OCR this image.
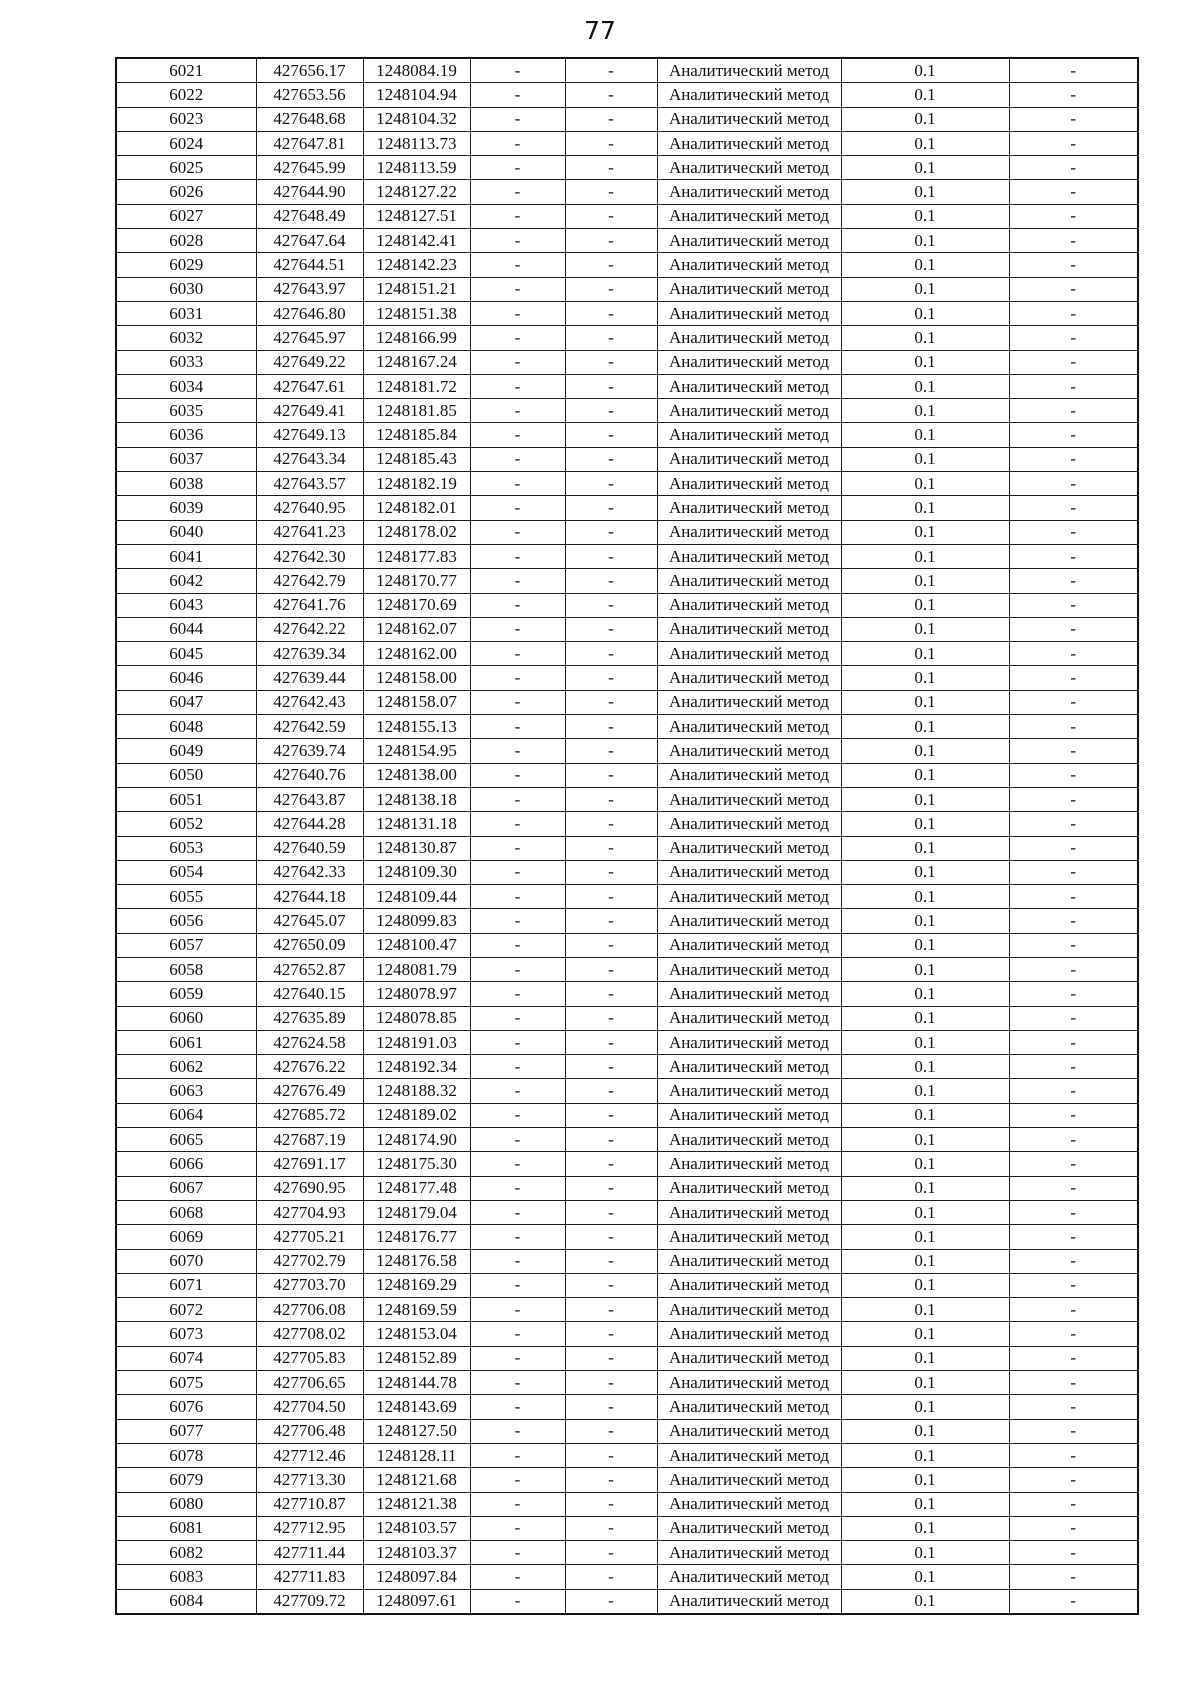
77
6021	427656.17	1248084.19	-	-	Аналитический метод	0.1	-
6022	427653.56	1248104.94	-	-	Аналитический метод	0.1	-
6023	427648.68	1248104.32	-	-	Аналитический метод	0.1	-
6024	427647.81	1248113.73	-	-	Аналитический метод	0.1	-
6025	427645.99	1248113.59	-	-	Аналитический метод	0.1	-
6026	427644.90	1248127.22	-	-	Аналитический метод	0.1	-
6027	427648.49	1248127.51	-	-	Аналитический метод	0.1	-
6028	427647.64	1248142.41	-	-	Аналитический метод	0.1	-
6029	427644.51	1248142.23	-	-	Аналитический метод	0.1	-
6030	427643.97	1248151.21	-	-	Аналитический метод	0.1	-
6031	427646.80	1248151.38	-	-	Аналитический метод	0.1	-
6032	427645.97	1248166.99	-	-	Аналитический метод	0.1	-
6033	427649.22	1248167.24	-	-	Аналитический метод	0.1	-
6034	427647.61	1248181.72	-	-	Аналитический метод	0.1	-
6035	427649.41	1248181.85	-	-	Аналитический метод	0.1	-
6036	427649.13	1248185.84	-	-	Аналитический метод	0.1	-
6037	427643.34	1248185.43	-	-	Аналитический метод	0.1	-
6038	427643.57	1248182.19	-	-	Аналитический метод	0.1	-
6039	427640.95	1248182.01	-	-	Аналитический метод	0.1	-
6040	427641.23	1248178.02	-	-	Аналитический метод	0.1	-
6041	427642.30	1248177.83	-	-	Аналитический метод	0.1	-
6042	427642.79	1248170.77	-	-	Аналитический метод	0.1	-
6043	427641.76	1248170.69	-	-	Аналитический метод	0.1	-
6044	427642.22	1248162.07	-	-	Аналитический метод	0.1	-
6045	427639.34	1248162.00	-	-	Аналитический метод	0.1	-
6046	427639.44	1248158.00	-	-	Аналитический метод	0.1	-
6047	427642.43	1248158.07	-	-	Аналитический метод	0.1	-
6048	427642.59	1248155.13	-	-	Аналитический метод	0.1	-
6049	427639.74	1248154.95	-	-	Аналитический метод	0.1	-
6050	427640.76	1248138.00	-	-	Аналитический метод	0.1	-
6051	427643.87	1248138.18	-	-	Аналитический метод	0.1	-
6052	427644.28	1248131.18	-	-	Аналитический метод	0.1	-
6053	427640.59	1248130.87	-	-	Аналитический метод	0.1	-
6054	427642.33	1248109.30	-	-	Аналитический метод	0.1	-
6055	427644.18	1248109.44	-	-	Аналитический метод	0.1	-
6056	427645.07	1248099.83	-	-	Аналитический метод	0.1	-
6057	427650.09	1248100.47	-	-	Аналитический метод	0.1	-
6058	427652.87	1248081.79	-	-	Аналитический метод	0.1	-
6059	427640.15	1248078.97	-	-	Аналитический метод	0.1	-
6060	427635.89	1248078.85	-	-	Аналитический метод	0.1	-
6061	427624.58	1248191.03	-	-	Аналитический метод	0.1	-
6062	427676.22	1248192.34	-	-	Аналитический метод	0.1	-
6063	427676.49	1248188.32	-	-	Аналитический метод	0.1	-
6064	427685.72	1248189.02	-	-	Аналитический метод	0.1	-
6065	427687.19	1248174.90	-	-	Аналитический метод	0.1	-
6066	427691.17	1248175.30	-	-	Аналитический метод	0.1	-
6067	427690.95	1248177.48	-	-	Аналитический метод	0.1	-
6068	427704.93	1248179.04	-	-	Аналитический метод	0.1	-
6069	427705.21	1248176.77	-	-	Аналитический метод	0.1	-
6070	427702.79	1248176.58	-	-	Аналитический метод	0.1	-
6071	427703.70	1248169.29	-	-	Аналитический метод	0.1	-
6072	427706.08	1248169.59	-	-	Аналитический метод	0.1	-
6073	427708.02	1248153.04	-	-	Аналитический метод	0.1	-
6074	427705.83	1248152.89	-	-	Аналитический метод	0.1	-
6075	427706.65	1248144.78	-	-	Аналитический метод	0.1	-
6076	427704.50	1248143.69	-	-	Аналитический метод	0.1	-
6077	427706.48	1248127.50	-	-	Аналитический метод	0.1	-
6078	427712.46	1248128.11	-	-	Аналитический метод	0.1	-
6079	427713.30	1248121.68	-	-	Аналитический метод	0.1	-
6080	427710.87	1248121.38	-	-	Аналитический метод	0.1	-
6081	427712.95	1248103.57	-	-	Аналитический метод	0.1	-
6082	427711.44	1248103.37	-	-	Аналитический метод	0.1	-
6083	427711.83	1248097.84	-	-	Аналитический метод	0.1	-
6084	427709.72	1248097.61	-	-	Аналитический метод	0.1	-
